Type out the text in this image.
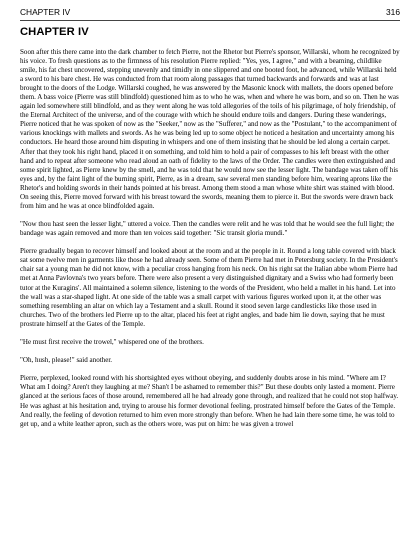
CHAPTER IV	316
CHAPTER IV

Soon after this there came into the dark chamber to fetch Pierre, not the Rhetor but Pierre's sponsor, Willarski, whom he recognized by his voice. To fresh questions as to the firmness of his resolution Pierre replied: "Yes, yes, I agree," and with a beaming, childlike smile, his fat chest uncovered, stepping unevenly and timidly in one slippered and one booted foot, he advanced, while Willarski held a sword to his bare chest. He was conducted from that room along passages that turned backwards and forwards and was at last brought to the doors of the Lodge. Willarski coughed, he was answered by the Masonic knock with mallets, the doors opened before them. A bass voice (Pierre was still blindfold) questioned him as to who he was, when and where he was born, and so on. Then he was again led somewhere still blindfold, and as they went along he was told allegories of the toils of his pilgrimage, of holy friendship, of the Eternal Architect of the universe, and of the courage with which he should endure toils and dangers. During these wanderings, Pierre noticed that he was spoken of now as the "Seeker," now as the "Sufferer," and now as the "Postulant," to the accompaniment of various knockings with mallets and swords. As he was being led up to some object he noticed a hesitation and uncertainty among his conductors. He heard those around him disputing in whispers and one of them insisting that he should be led along a certain carpet. After that they took his right hand, placed it on something, and told him to hold a pair of compasses to his left breast with the other hand and to repeat after someone who read aloud an oath of fidelity to the laws of the Order. The candles were then extinguished and some spirit lighted, as Pierre knew by the smell, and he was told that he would now see the lesser light. The bandage was taken off his eyes and, by the faint light of the burning spirit, Pierre, as in a dream, saw several men standing before him, wearing aprons like the Rhetor's and holding swords in their hands pointed at his breast. Among them stood a man whose white shirt was stained with blood. On seeing this, Pierre moved forward with his breast toward the swords, meaning them to pierce it. But the swords were drawn back from him and he was at once blindfolded again.

"Now thou hast seen the lesser light," uttered a voice. Then the candles were relit and he was told that he would see the full light; the bandage was again removed and more than ten voices said together: "Sic transit gloria mundi."

Pierre gradually began to recover himself and looked about at the room and at the people in it. Round a long table covered with black sat some twelve men in garments like those he had already seen. Some of them Pierre had met in Petersburg society. In the President's chair sat a young man he did not know, with a peculiar cross hanging from his neck. On his right sat the Italian abbe whom Pierre had met at Anna Pavlovna's two years before. There were also present a very distinguished dignitary and a Swiss who had formerly been tutor at the Kuragins'. All maintained a solemn silence, listening to the words of the President, who held a mallet in his hand. Let into the wall was a star-shaped light. At one side of the table was a small carpet with various figures worked upon it, at the other was something resembling an altar on which lay a Testament and a skull. Round it stood seven large candlesticks like those used in churches. Two of the brothers led Pierre up to the altar, placed his feet at right angles, and bade him lie down, saying that he must prostrate himself at the Gates of the Temple.

"He must first receive the trowel," whispered one of the brothers.

"Oh, hush, please!" said another.

Pierre, perplexed, looked round with his shortsighted eyes without obeying, and suddenly doubts arose in his mind. "Where am I? What am I doing? Aren't they laughing at me? Shan't I be ashamed to remember this?" But these doubts only lasted a moment. Pierre glanced at the serious faces of those around, remembered all he had already gone through, and realized that he could not stop halfway. He was aghast at his hesitation and, trying to arouse his former devotional feeling, prostrated himself before the Gates of the Temple. And really, the feeling of devotion returned to him even more strongly than before. When he had lain there some time, he was told to get up, and a white leather apron, such as the others wore, was put on him: he was given a trowel
